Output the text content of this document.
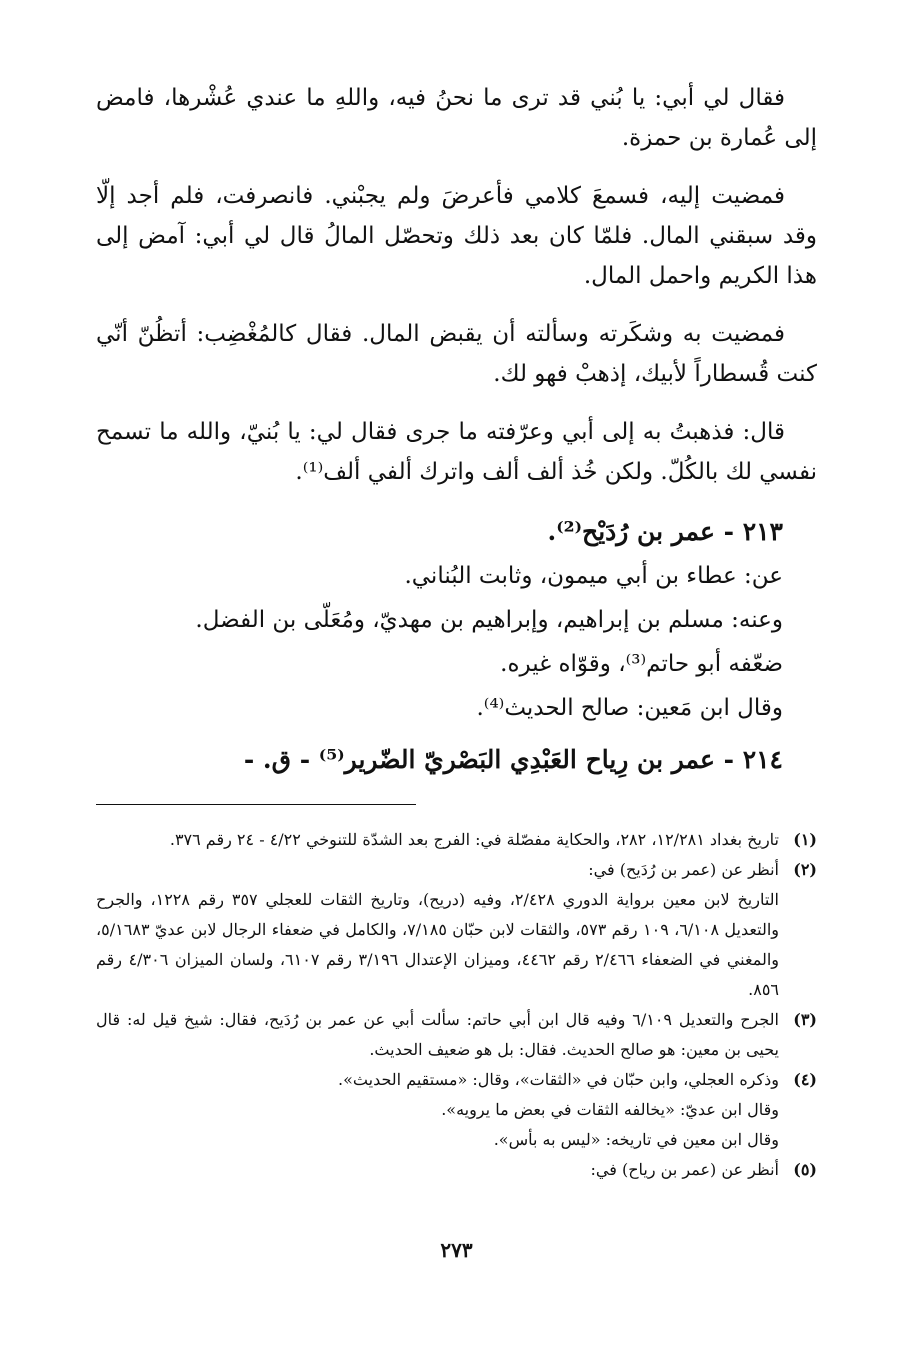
فقال لي أبي: يا بُني قد ترى ما نحنُ فيه، واللهِ ما عندي عُشْرها، فامض إلى عُمارة بن حمزة.

فمضيت إليه، فسمعَ كلامي فأعرضَ ولم يجبْني. فانصرفت، فلم أجد إلّا وقد سبقني المال. فلمّا كان بعد ذلك وتحصّل المالُ قال لي أبي: آمض إلى هذا الكريم واحمل المال.

فمضيت به وشكَرته وسألته أن يقبض المال. فقال كالمُغْضِب: أتظُنّ أنّي كنت قُسطاراً لأبيك، إذهبْ فهو لك.

قال: فذهبتُ به إلى أبي وعرّفته ما جرى فقال لي: يا بُنيّ، والله ما تسمح نفسي لك بالكُلّ. ولكن خُذ ألف ألف واترك ألفي ألف⁽¹⁾.

٢١٣ - عمر بن رُدَيْح⁽²⁾.
عن: عطاء بن أبي ميمون، وثابت البُناني.
وعنه: مسلم بن إبراهيم، وإبراهيم بن مهديّ، ومُعَلّى بن الفضل.
ضعّفه أبو حاتم⁽³⁾، وقوّاه غيره.
وقال ابن مَعين: صالح الحديث⁽⁴⁾.
٢١٤ - عمر بن رِياح العَبْدِي البَصْريّ الضّرير⁽⁵⁾ - ق. -
(١)

تاريخ بغداد ١٢/٢٨١، ٢٨٢، والحكاية مفصّلة في: الفرج بعد الشدّة للتنوخي ٤/٢٢ - ٢٤ رقم ٣٧٦.

(٢)

أنظر عن (عمر بن رُدَيح) في:

التاريخ لابن معين برواية الدوري ٢/٤٢٨، وفيه (دريح)، وتاريخ الثقات للعجلي ٣٥٧ رقم ١٢٢٨، والجرح والتعديل ٦/١٠٨، ١٠٩ رقم ٥٧٣، والثقات لابن حبّان ٧/١٨٥، والكامل في ضعفاء الرجال لابن عديّ ٥/١٦٨٣، والمغني في الضعفاء ٢/٤٦٦ رقم ٤٤٦٢، وميزان الإعتدال ٣/١٩٦ رقم ٦١٠٧، ولسان الميزان ٤/٣٠٦ رقم ٨٥٦.

(٣)

الجرح والتعديل ٦/١٠٩ وفيه قال ابن أبي حاتم: سألت أبي عن عمر بن رُدَيح، فقال: شيخ قيل له: قال يحيى بن معين: هو صالح الحديث. فقال: بل هو ضعيف الحديث.

(٤)

وذكره العجلي، وابن حبّان في «الثقات»، وقال: «مستقيم الحديث».

وقال ابن عديّ: «يخالفه الثقات في بعض ما يرويه».

وقال ابن معين في تاريخه: «ليس به بأس».

(٥)

أنظر عن (عمر بن رياح) في:

٢٧٣
